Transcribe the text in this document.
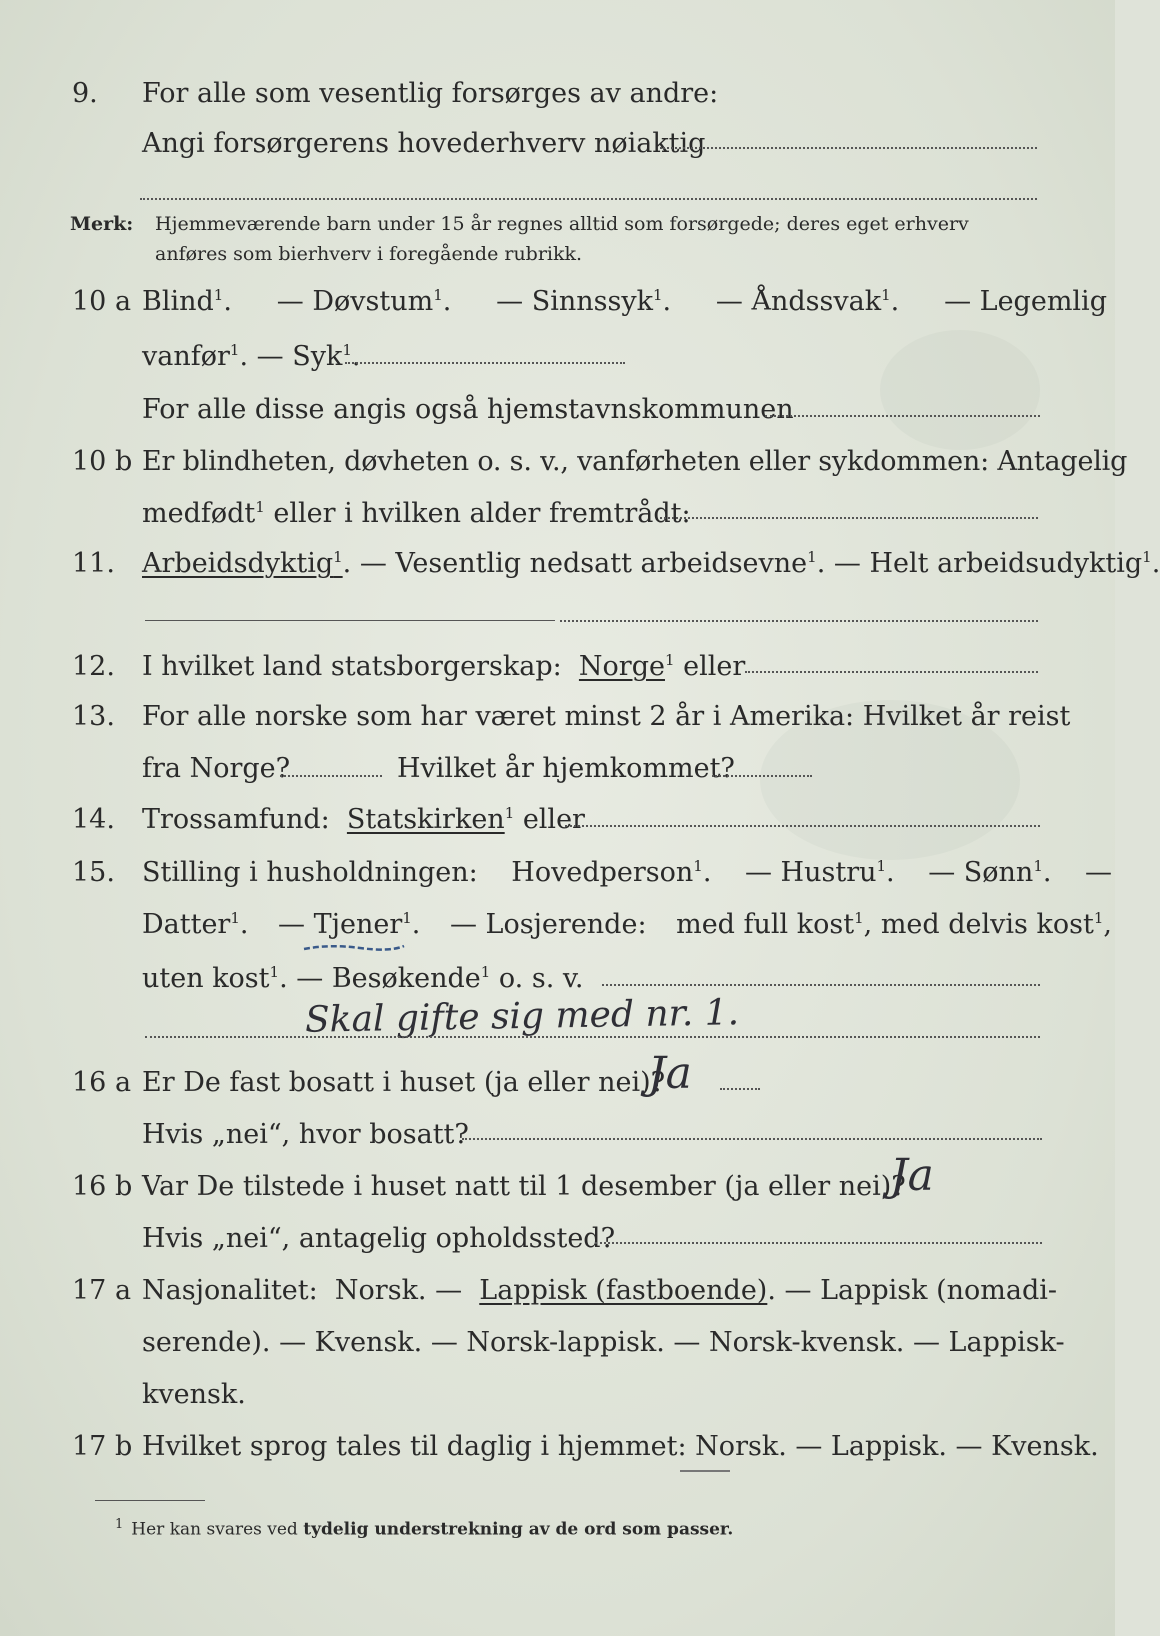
9. For alle som vesentlig forsørges av andre:
Angi forsørgerens hovederhverv nøiaktig
Merk: Hjemmeværende barn under 15 år regnes alltid som forsørgede; deres eget erhverv
anføres som bierhverv i foregående rubrikk.
10 a Blind$^1$. — Døvstum$^1$. — Sinnssyk$^1$. — Åndssvak$^1$. — Legemlig
vanfør$^1$. — Syk$^1$.
For alle disse angis også hjemstavnskommunen
10 b Er blindheten, døvheten o. s. v., vanførheten eller sykdommen: Antagelig
medfødt$^1$ eller i hvilken alder fremtrådt:
11. Arbeidsdyktig$^1$. — Vesentlig nedsatt arbeidsevne$^1$. — Helt arbeidsudyktig$^1$.
12. I hvilket land statsborgerskap: Norge$^1$ eller
13. For alle norske som har været minst 2 år i Amerika: Hvilket år reist
fra Norge?	Hvilket år hjemkommet?
14. Trossamfund: Statskirken$^1$ eller
15. Stilling i husholdningen: Hovedperson$^1$. — Hustru$^1$. — Sønn$^1$. —
Datter$^1$. — Tjener$^1$. — Losjerende: med full kost$^1$, med delvis kost$^1$,
uten kost$^1$. — Besøkende$^1$ o. s. v.
Skal gifte sig med nr. 1.
16 a Er De fast bosatt i huset (ja eller nei)?
Ja
Hvis „nei“, hvor bosatt?
16 b Var De tilstede i huset natt til 1 desember (ja eller nei)?
Ja
Hvis „nei“, antagelig opholdssted?
17 a Nasjonalitet: Norsk. — Lappisk (fastboende). — Lappisk (nomadi-
serende). — Kvensk. — Norsk-lappisk. — Norsk-kvensk. — Lappisk-
kvensk.
17 b Hvilket sprog tales til daglig i hjemmet: Norsk. — Lappisk. — Kvensk.
$^1$ Her kan svares ved tydelig understrekning av de ord som passer.
